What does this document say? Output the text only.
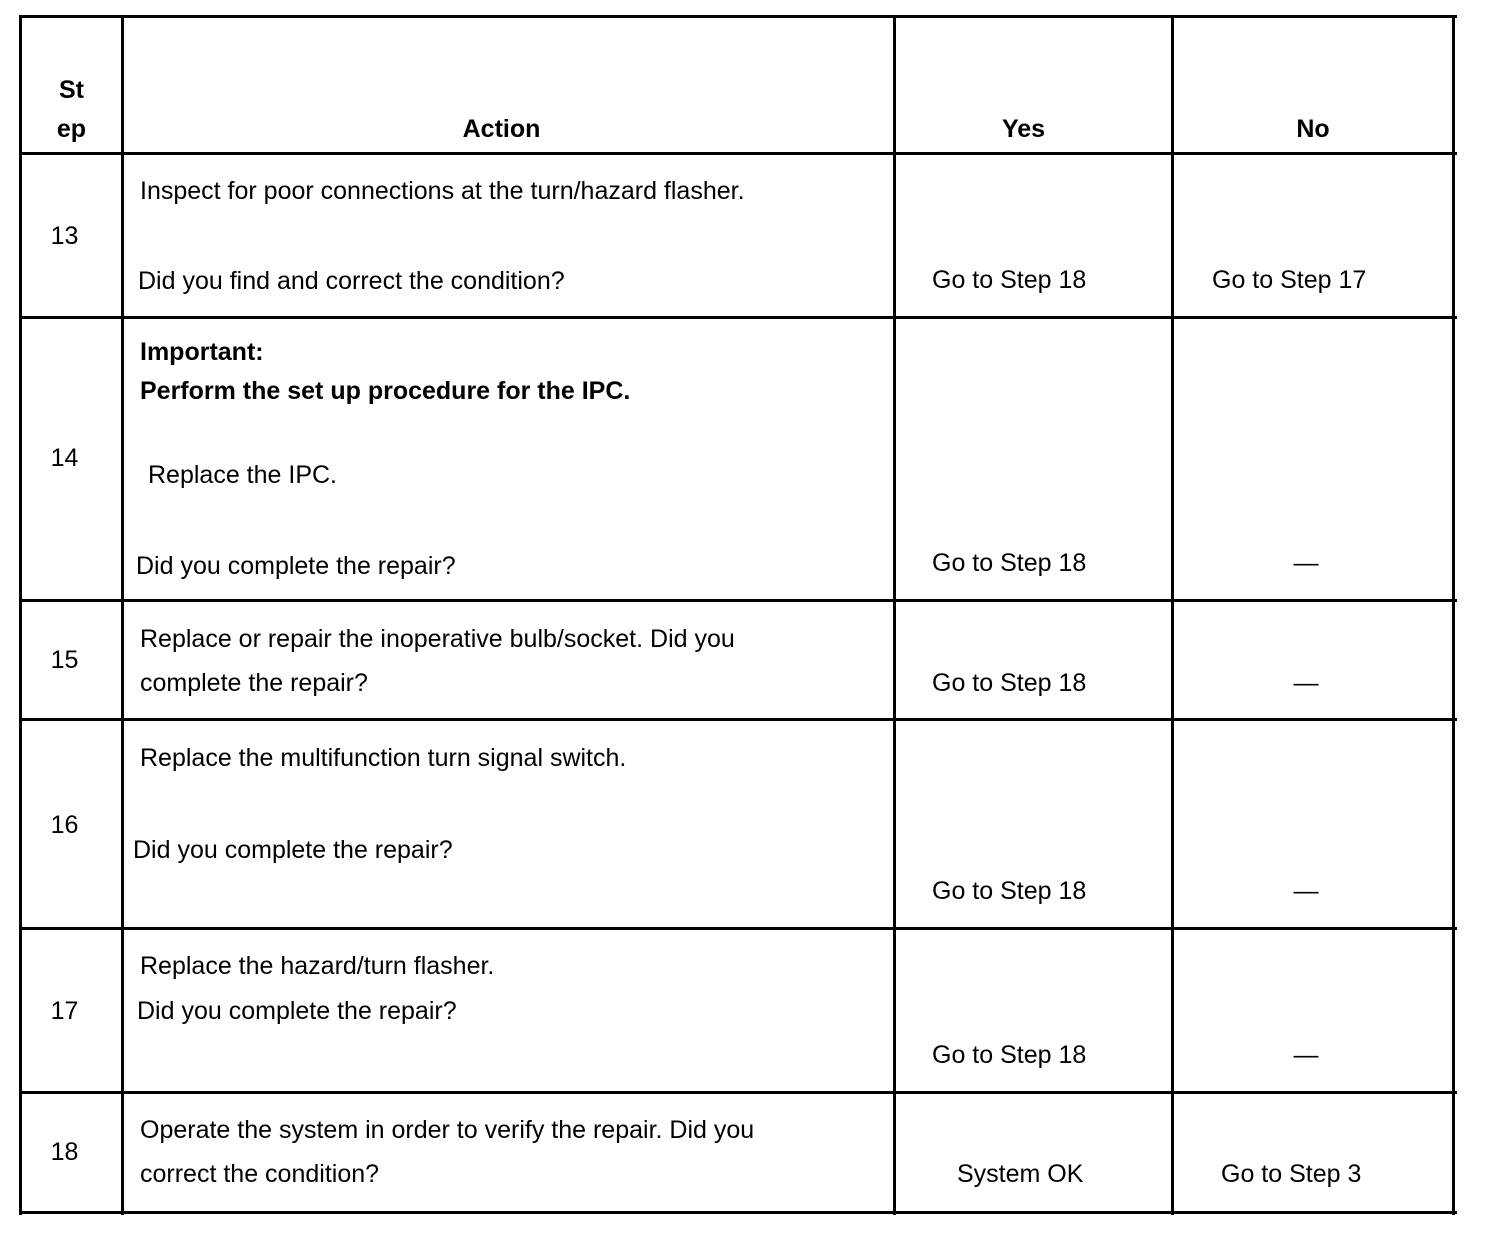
St
ep	Action	Yes	No
13
Inspect for poor connections at the turn/hazard flasher.
Did you find and correct the condition?	Go to Step 18	Go to Step 17
14
Important:
Perform the set up procedure for the IPC.
Replace the IPC.
Did you complete the repair?	Go to Step 18	—
15
Replace or repair the inoperative bulb/socket. Did you
complete the repair?	Go to Step 18	—
16
Replace the multifunction turn signal switch.
Did you complete the repair?
Go to Step 18	—
17
Replace the hazard/turn flasher.
Did you complete the repair?
Go to Step 18	—
18
Operate the system in order to verify the repair. Did you
correct the condition?	System OK	Go to Step 3
